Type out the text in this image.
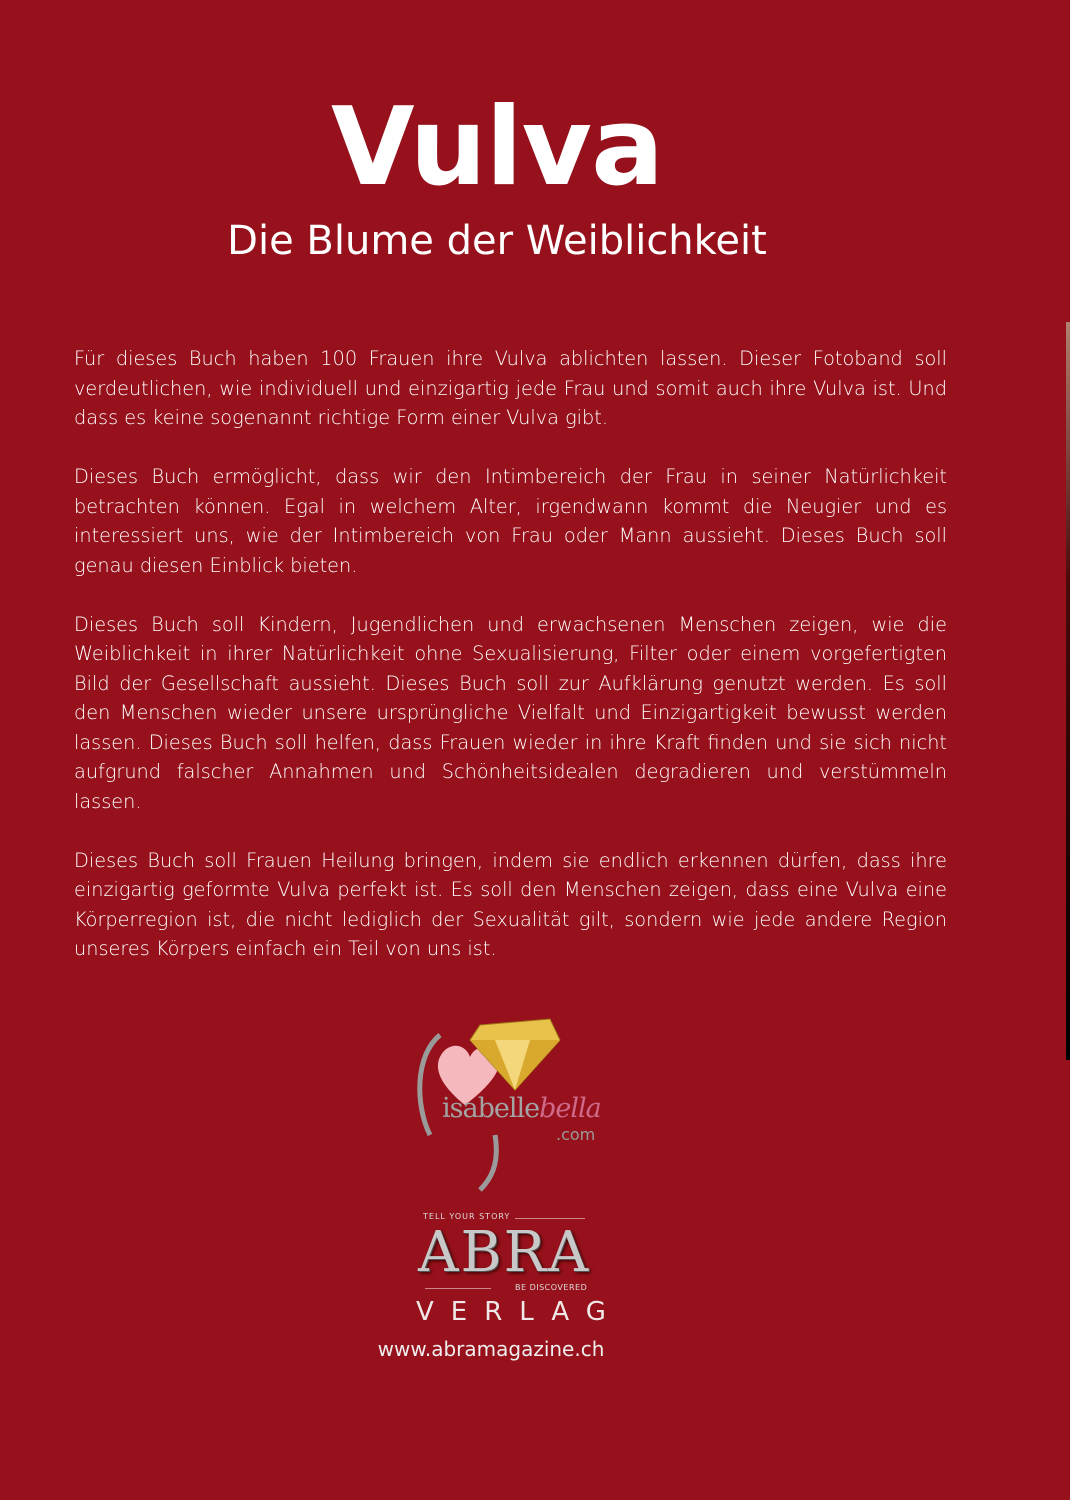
Vulva
Die Blume der Weiblichkeit

Für dieses Buch haben 100 Frauen ihre Vulva ablichten lassen. Dieser Fotoband soll verdeutlichen, wie individuell und einzigartig jede Frau und somit auch ihre Vulva ist. Und dass es keine sogenannt richtige Form einer Vulva gibt.

Dieses Buch ermöglicht, dass wir den Intimbereich der Frau in seiner Natürlichkeit betrachten können. Egal in welchem Alter, irgendwann kommt die Neugier und es interessiert uns, wie der Intimbereich von Frau oder Mann aussieht. Dieses Buch soll genau diesen Einblick bieten.

Dieses Buch soll Kindern, Jugendlichen und erwachsenen Menschen zeigen, wie die Weiblichkeit in ihrer Natürlichkeit ohne Sexualisierung, Filter oder einem vorgefertigten Bild der Gesellschaft aussieht. Dieses Buch soll zur Aufklärung genutzt werden. Es soll den Menschen wieder unsere ursprüngliche Vielfalt und Einzigartigkeit bewusst werden lassen. Dieses Buch soll helfen, dass Frauen wieder in ihre Kraft finden und sie sich nicht aufgrund falscher Annahmen und Schönheitsidealen degradieren und verstümmeln lassen.

Dieses Buch soll Frauen Heilung bringen, indem sie endlich erkennen dürfen, dass ihre einzigartig geformte Vulva perfekt ist. Es soll den Menschen zeigen, dass eine Vulva eine Körperregion ist, die nicht lediglich der Sexualität gilt, sondern wie jede andere Region unseres Körpers einfach ein Teil von uns ist.

isabellebella
.com
TELL YOUR STORY
ABRA
BE DISCOVERED
VERLAG
www.abramagazine.ch
